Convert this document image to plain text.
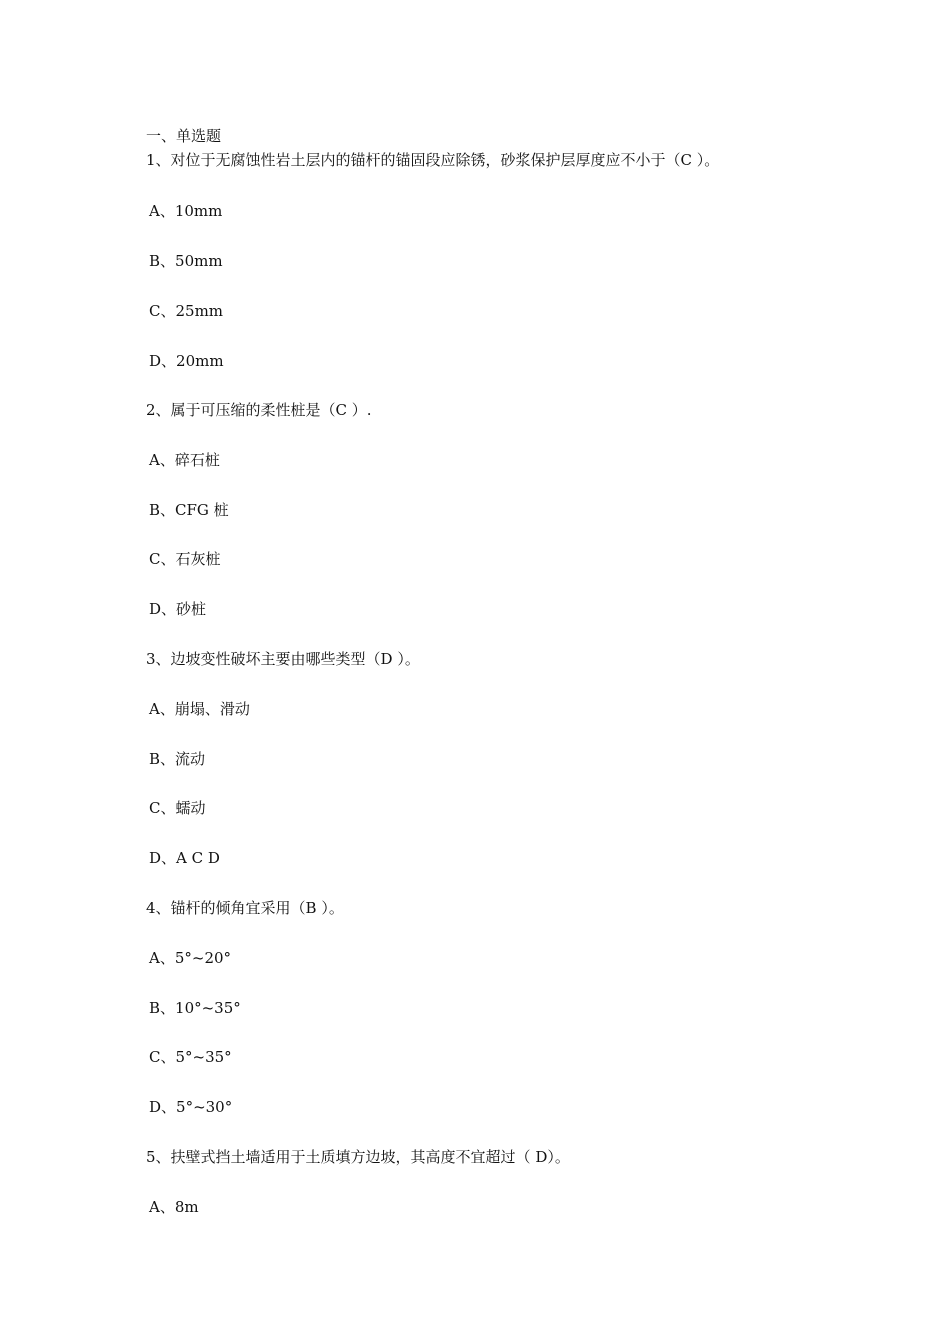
一、单选题
1、对位于无腐蚀性岩土层内的锚杆的锚固段应除锈，砂浆保护层厚度应不小于（C ）。
A、10mm
B、50mm
C、25mm
D、20mm
2、属于可压缩的柔性桩是（C ）.
A、碎石桩
B、CFG 桩
C、石灰桩
D、砂桩
3、边坡变性破坏主要由哪些类型（D ）。
A、崩塌、滑动
B、流动
C、蠕动
D、A C D
4、锚杆的倾角宜采用（B ）。
A、5°~20°
B、10°~35°
C、5°~35°
D、5°~30°
5、扶壁式挡土墙适用于土质填方边坡，其高度不宜超过（ D）。
A、8m
